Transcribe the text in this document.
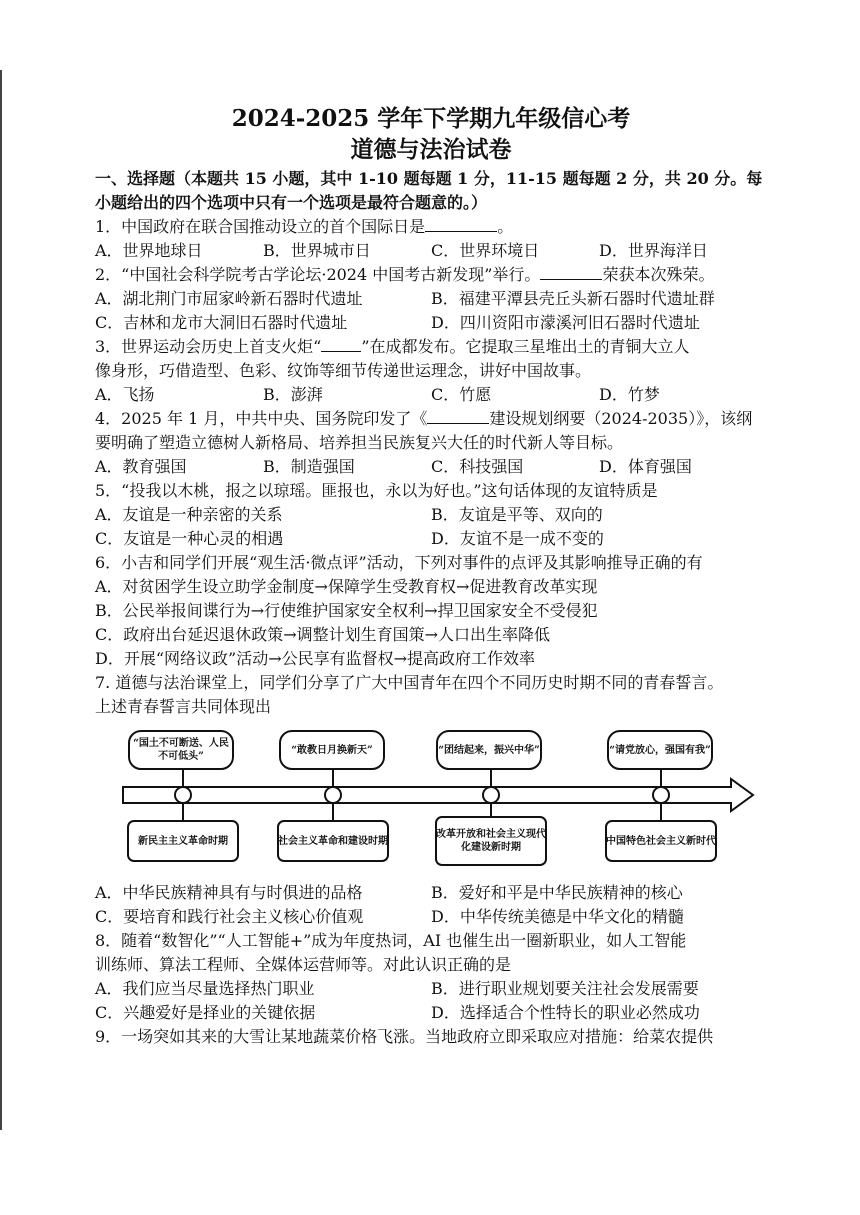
2024-2025 学年下学期九年级信心考
道德与法治试卷
一、选择题（本题共 15 小题，其中 1-10 题每题 1 分，11-15 题每题 2 分，共 20 分。每
小题给出的四个选项中只有一个选项是最符合题意的。）
1．中国政府在联合国推动设立的首个国际日是	。
A．世界地球日	B．世界城市日	C．世界环境日	D．世界海洋日
2．“中国社会科学院考古学论坛·2024 中国考古新发现”举行。	荣获本次殊荣。
A．湖北荆门市屈家岭新石器时代遗址	B．福建平潭县壳丘头新石器时代遗址群
C．吉林和龙市大洞旧石器时代遗址	D．四川资阳市濛溪河旧石器时代遗址
3．世界运动会历史上首支火炬“	”在成都发布。它提取三星堆出土的青铜大立人
像身形，巧借造型、色彩、纹饰等细节传递世运理念，讲好中国故事。
A．飞扬	B．澎湃	C．竹愿	D．竹梦
4．2025 年 1 月，中共中央、国务院印发了《	建设规划纲要（2024-2035）》，该纲
要明确了塑造立德树人新格局、培养担当民族复兴大任的时代新人等目标。
A．教育强国	B．制造强国	C．科技强国	D．体育强国
5．“投我以木桃，报之以琼瑶。匪报也，永以为好也。”这句话体现的友谊特质是
A．友谊是一种亲密的关系	B．友谊是平等、双向的
C．友谊是一种心灵的相遇	D．友谊不是一成不变的
6．小吉和同学们开展“观生活·微点评”活动，下列对事件的点评及其影响推导正确的有
A．对贫困学生设立助学金制度→保障学生受教育权→促进教育改革实现
B．公民举报间谍行为→行使维护国家安全权利→捍卫国家安全不受侵犯
C．政府出台延迟退休政策→调整计划生育国策→人口出生率降低
D．开展“网络议政”活动→公民享有监督权→提高政府工作效率
7. 道德与法治课堂上，同学们分享了广大中国青年在四个不同历史时期不同的青春誓言。
上述青春誓言共同体现出
“国土不可断送、人民不可低头”
“敢教日月换新天”	“团结起来，振兴中华”	“请党放心，强国有我”
新民主主义革命时期	社会主义革命和建设时期
改革开放和社会主义现代化建设新时期
中国特色社会主义新时代
A．中华民族精神具有与时俱进的品格	B．爱好和平是中华民族精神的核心
C．要培育和践行社会主义核心价值观	D．中华传统美德是中华文化的精髓
8．随着“数智化”“人工智能+”成为年度热词，AI 也催生出一圈新职业，如人工智能
训练师、算法工程师、全媒体运营师等。对此认识正确的是
A．我们应当尽量选择热门职业	B．进行职业规划要关注社会发展需要
C．兴趣爱好是择业的关键依据	D．选择适合个性特长的职业必然成功
9．一场突如其来的大雪让某地蔬菜价格飞涨。当地政府立即采取应对措施：给菜农提供
